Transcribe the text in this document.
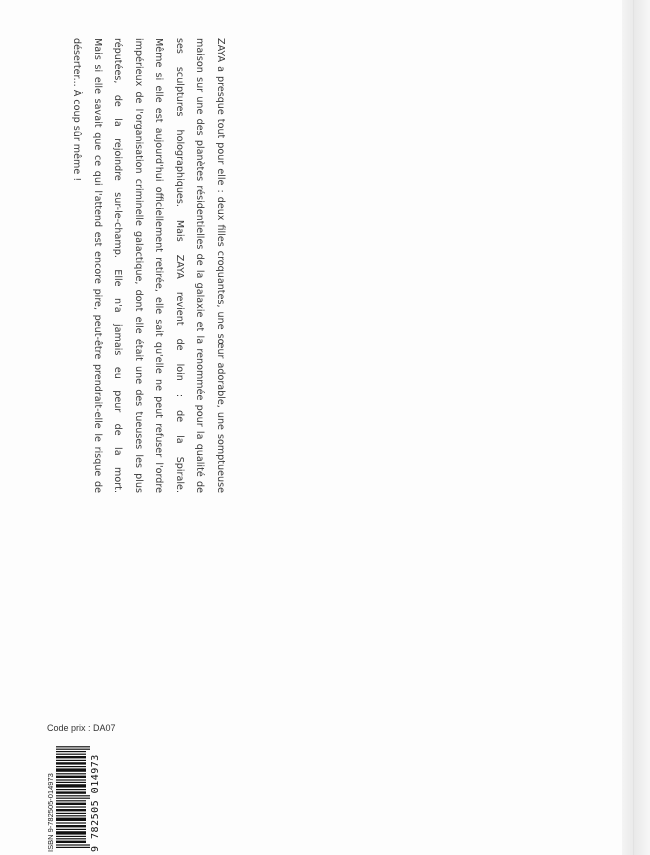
ZAYA a presque tout pour elle : deux filles croquantes, une sœur adorable, une somptueuse maison sur une des planètes résidentielles de la galaxie et la renommée pour la qualité de ses sculptures holographiques. Mais ZAYA revient de loin : de la Spirale.

Même si elle est aujourd'hui officiellement retirée, elle sait qu'elle ne peut refuser l'ordre impérieux de l'organisation criminelle galactique, dont elle était une des tueuses les plus réputées, de la rejoindre sur-le-champ. Elle n'a jamais eu peur de la mort.

Mais si elle savait que ce qui l'attend est encore pire, peut-être prendrait-elle le risque de déserter... À coup sûr même !

Code prix : DA07
ISBN 9-782505-014973	9 782505 014973
